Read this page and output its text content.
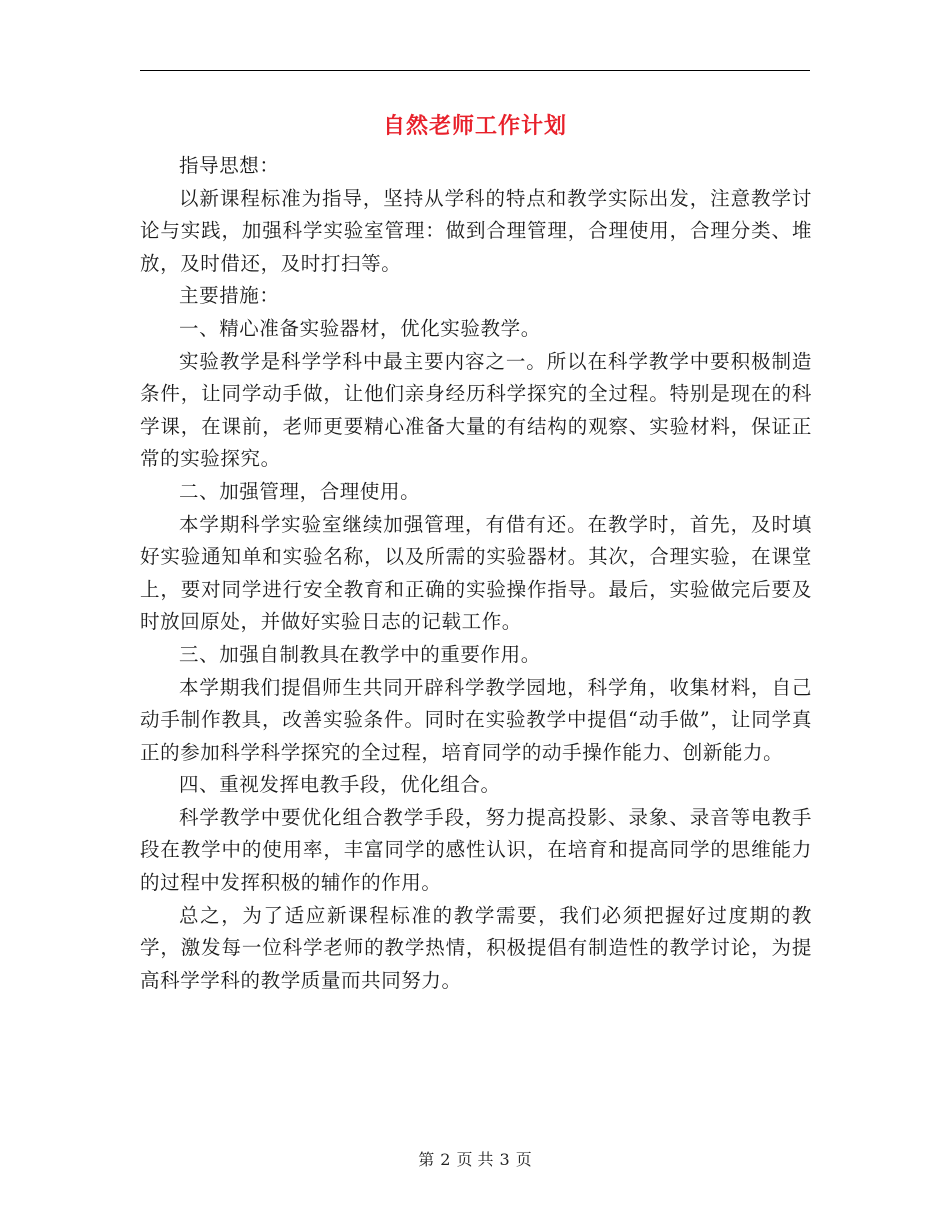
自然老师工作计划

指导思想：

以新课程标准为指导，坚持从学科的特点和教学实际出发，注意教学讨论与实践，加强科学实验室管理：做到合理管理，合理使用，合理分类、堆放，及时借还，及时打扫等。

主要措施：

一、精心准备实验器材，优化实验教学。

实验教学是科学学科中最主要内容之一。所以在科学教学中要积极制造条件，让同学动手做，让他们亲身经历科学探究的全过程。特别是现在的科学课，在课前，老师更要精心准备大量的有结构的观察、实验材料，保证正常的实验探究。

二、加强管理，合理使用。

本学期科学实验室继续加强管理，有借有还。在教学时，首先，及时填好实验通知单和实验名称，以及所需的实验器材。其次，合理实验，在课堂上，要对同学进行安全教育和正确的实验操作指导。最后，实验做完后要及时放回原处，并做好实验日志的记载工作。

三、加强自制教具在教学中的重要作用。

本学期我们提倡师生共同开辟科学教学园地，科学角，收集材料，自己动手制作教具，改善实验条件。同时在实验教学中提倡“动手做”，让同学真正的参加科学科学探究的全过程，培育同学的动手操作能力、创新能力。

四、重视发挥电教手段，优化组合。

科学教学中要优化组合教学手段，努力提高投影、录象、录音等电教手段在教学中的使用率，丰富同学的感性认识，在培育和提高同学的思维能力的过程中发挥积极的辅作的作用。

总之，为了适应新课程标准的教学需要，我们必须把握好过度期的教学，激发每一位科学老师的教学热情，积极提倡有制造性的教学讨论，为提高科学学科的教学质量而共同努力。

第 2 页 共 3 页
